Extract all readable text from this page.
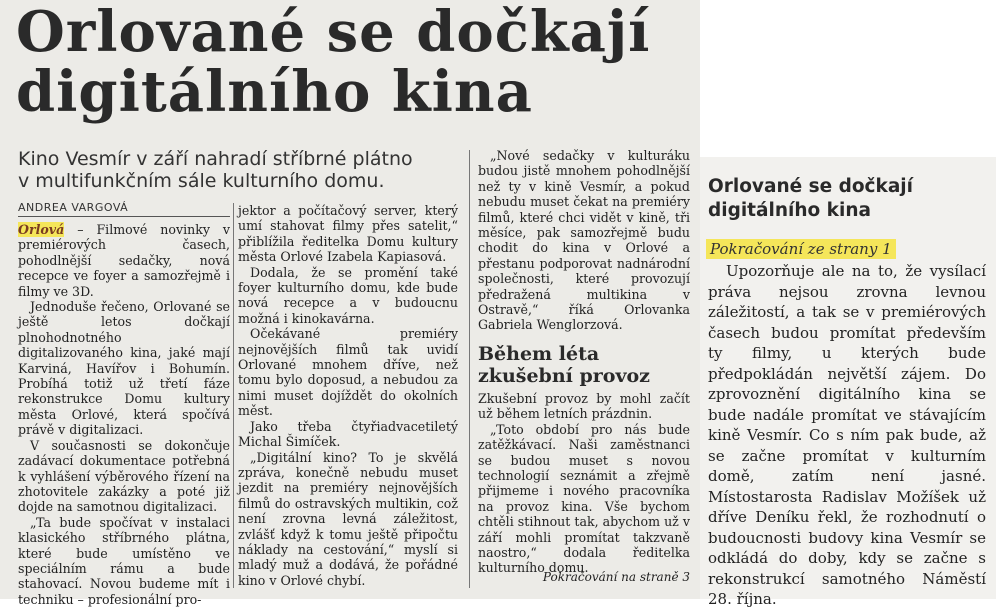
Orlované se dočkají
digitálního kina
Kino Vesmír v září nahradí stříbrné plátno
v multifunkčním sále kulturního domu.
ANDREA VARGOVÁ

Orlová – Filmové novinky v premiérových časech, pohodlnější sedačky, nová recepce ve foyer a samozřejmě i filmy ve 3D.

Jednoduše řečeno, Orlované se ještě letos dočkají plnohodnotného digitalizovaného kina, jaké mají Karviná, Havířov i Bohumín. Probíhá totiž už třetí fáze rekonstrukce Domu kultury města Orlové, která spočívá právě v digitalizaci.

V současnosti se dokončuje zadávací dokumentace potřebná k vyhlášení výběrového řízení na zhotovitele zakázky a poté již dojde na samotnou digitalizaci.

„Ta bude spočívat v instalaci klasického stříbrného plátna, které bude umístěno ve speciálním rámu a bude stahovací. Novou budeme mít i techniku – profesionální pro-

jektor a počítačový server, který umí stahovat filmy přes satelit,“ přiblížila ředitelka Domu kultury města Orlové Izabela Kapiasová.

Dodala, že se promění také foyer kulturního domu, kde bude nová recepce a v budoucnu možná i kinokavárna.

Očekávané premiéry nejnovějších filmů tak uvidí Orlované mnohem dříve, než tomu bylo doposud, a nebudou za nimi muset dojíždět do okolních měst.

Jako třeba čtyřiadvacetiletý Michal Šimíček.

„Digitální kino? To je skvělá zpráva, konečně nebudu muset jezdit na premiéry nejnovějších filmů do ostravských multikin, což není zrovna levná záležitost, zvlášť když k tomu ještě připočtu náklady na cestování,“ myslí si mladý muž a dodává, že pořádné kino v Orlové chybí.

„Nové sedačky v kulturáku budou jistě mnohem pohodlnější než ty v kině Vesmír, a pokud nebudu muset čekat na premiéry filmů, které chci vidět v kině, tři měsíce, pak samozřejmě budu chodit do kina v Orlové a přestanu podporovat nadnárodní společnosti, které provozují předražená multikina v Ostravě,“ říká Orlovanka Gabriela Wenglorzová.

Během léta zkušební provoz

Zkušební provoz by mohl začít už během letních prázdnin.

„Toto období pro nás bude zatěžkávací. Naši zaměstnanci se budou muset s novou technologií seznámit a zřejmě přijmeme i nového pracovníka na provoz kina. Vše bychom chtěli stihnout tak, abychom už v září mohli promítat takzvaně naostro,“ dodala ředitelka kulturního domu.

Pokračování na straně 3
Orlované se dočkají digitálního kina
Pokračování ze strany 1
Upozorňuje ale na to, že vysílací práva nejsou zrovna levnou záležitostí, a tak se v premiérových časech budou promítat především ty filmy, u kterých bude předpokládán největší zájem. Do zprovoznění digitálního kina se bude nadále promítat ve stávajícím kině Vesmír. Co s ním pak bude, až se začne promítat v kulturním domě, zatím není jasné. Místostarosta Radislav Možíšek už dříve Deníku řekl, že rozhodnutí o budoucnosti budovy kina Vesmír se odkládá do doby, kdy se začne s rekonstrukcí samotného Náměstí 28. října.
